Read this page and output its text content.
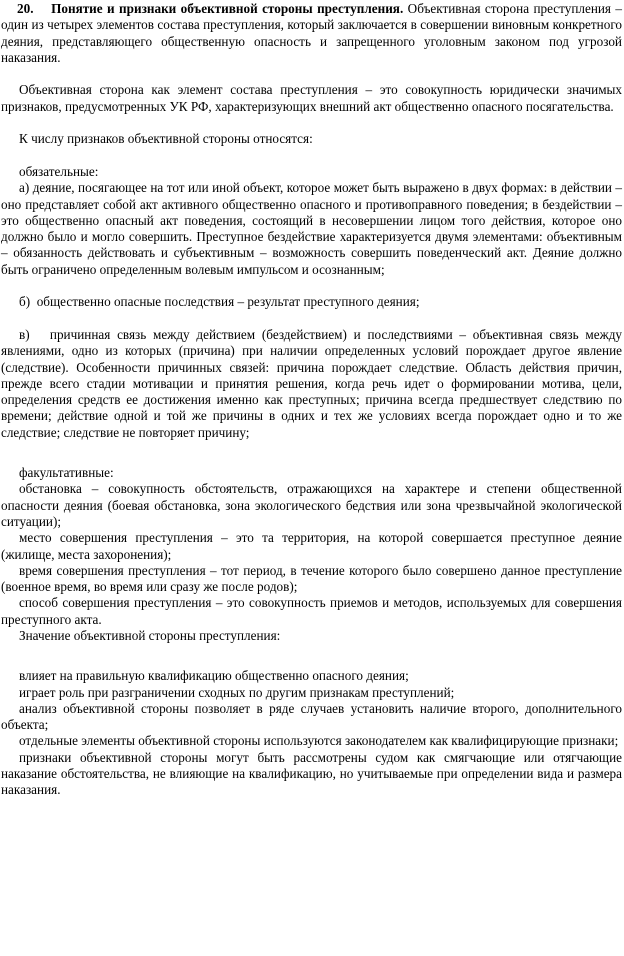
20.    Понятие и признаки объективной стороны преступления. Объективная сторона преступления – один из четырех элементов состава преступления, который заключается в совершении виновным конкретного деяния, представляющего общественную опасность и запрещенного уголовным законом под угрозой наказания.

Объективная сторона как элемент состава преступления – это совокупность юридически значимых признаков, предусмотренных УК РФ, характеризующих внешний акт общественно опасного посягательства.

К числу признаков объективной стороны относятся:

обязательные:

а) деяние, посягающее на тот или иной объект, которое может быть выражено в двух формах: в действии – оно представляет собой акт активного общественно опасного и противоправного поведения; в бездействии – это общественно опасный акт поведения, состоящий в несовершении лицом того действия, которое оно должно было и могло совершить. Преступное бездействие характеризуется двумя элементами: объективным – обязанность действовать и субъективным – возможность совершить поведенческий акт. Деяние должно быть ограничено определенным волевым импульсом и осознанным;

б)  общественно опасные последствия – результат преступного деяния;

в)   причинная связь между действием (бездействием) и последствиями – объективная связь между явлениями, одно из которых (причина) при наличии определенных условий порождает другое явление (следствие). Особенности причинных связей: причина порождает следствие. Область действия причин, прежде всего стадии мотивации и принятия решения, когда речь идет о формировании мотива, цели, определения средств ее достижения именно как преступных; причина всегда предшествует следствию по времени; действие одной и той же причины в одних и тех же условиях всегда порождает одно и то же следствие; следствие не повторяет причину;

факультативные:

обстановка – совокупность обстоятельств, отражающихся на характере и степени общественной опасности деяния (боевая обстановка, зона экологического бедствия или зона чрезвычайной экологической ситуации);

место совершения преступления – это та территория, на которой совершается преступное деяние (жилище, места захоронения);

время совершения преступления – тот период, в течение которого было совершено данное преступление (военное время, во время или сразу же после родов);

способ совершения преступления – это совокупность приемов и методов, используемых для совершения преступного акта.

Значение объективной стороны преступления:

влияет на правильную квалификацию общественно опасного деяния;

играет роль при разграничении сходных по другим признакам преступлений;

анализ объективной стороны позволяет в ряде случаев установить наличие второго, дополнительного объекта;

отдельные элементы объективной стороны используются законодателем как квалифицирующие признаки;

признаки объективной стороны могут быть рассмотрены судом как смягчающие или отягчающие наказание обстоятельства, не влияющие на квалификацию, но учитываемые при определении вида и размера наказания.
